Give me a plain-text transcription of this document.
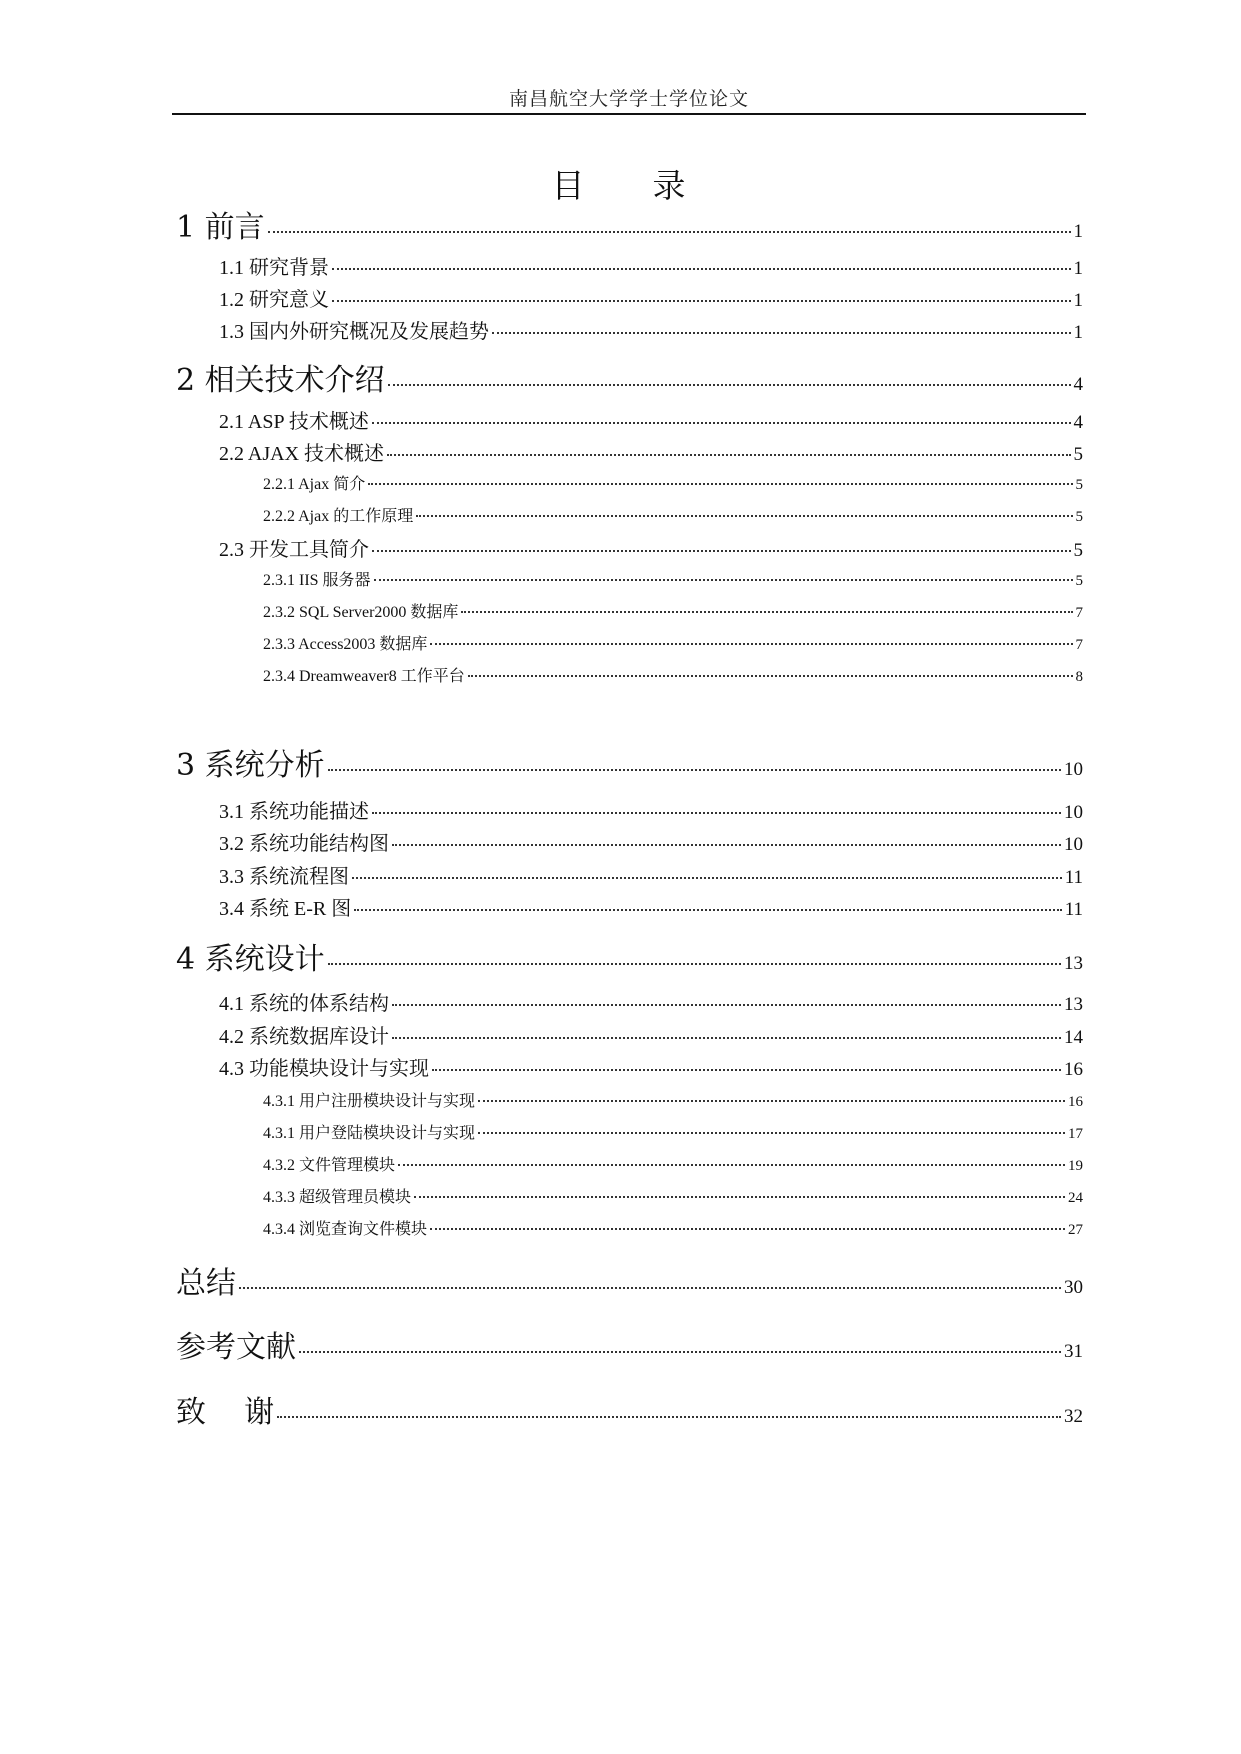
南昌航空大学学士学位论文
目 录
1 前言	1
1.1 研究背景	1
1.2 研究意义	1
1.3 国内外研究概况及发展趋势	1
2 相关技术介绍	4
2.1 ASP 技术概述	4
2.2 AJAX 技术概述	5
2.2.1 Ajax 简介	5
2.2.2 Ajax 的工作原理	5
2.3 开发工具简介	5
2.3.1 IIS 服务器	5
2.3.2 SQL Server2000 数据库	7
2.3.3 Access2003 数据库	7
2.3.4 Dreamweaver8 工作平台	8
3 系统分析	10
3.1 系统功能描述	10
3.2 系统功能结构图	10
3.3 系统流程图	11
3.4 系统 E-R 图	11
4 系统设计	13
4.1 系统的体系结构	13
4.2 系统数据库设计	14
4.3 功能模块设计与实现	16
4.3.1 用户注册模块设计与实现	16
4.3.1 用户登陆模块设计与实现	17
4.3.2 文件管理模块	19
4.3.3 超级管理员模块	24
4.3.4 浏览查询文件模块	27
总结	30
参考文献	31
致    谢	32
